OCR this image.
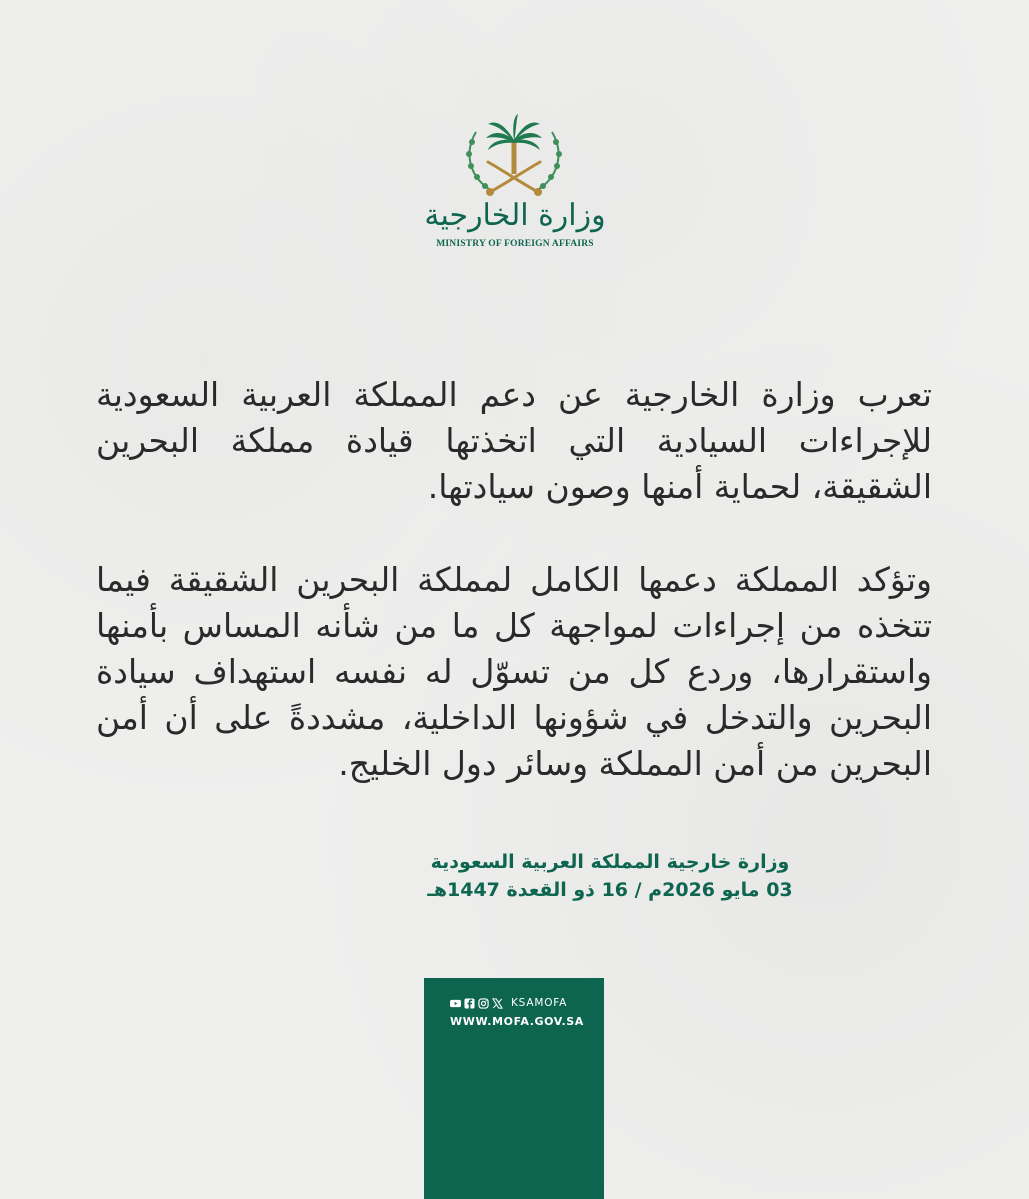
وزارة الخارجية
MINISTRY OF FOREIGN AFFAIRS

تعرب وزارة الخارجية عن دعم المملكة العربية السعودية للإجراءات السيادية التي اتخذتها قيادة مملكة البحرين الشقيقة، لحماية أمنها وصون سيادتها.

وتؤكد المملكة دعمها الكامل لمملكة البحرين الشقيقة فيما تتخذه من إجراءات لمواجهة كل ما من شأنه المساس بأمنها واستقرارها، وردع كل من تسوّل له نفسه استهداف سيادة البحرين والتدخل في شؤونها الداخلية، مشددةً على أن أمن البحرين من أمن المملكة وسائر دول الخليج.

وزارة خارجية المملكة العربية السعودية
03 مايو 2026م / 16 ذو القعدة 1447هـ
KSAMOFA
WWW.MOFA.GOV.SA
